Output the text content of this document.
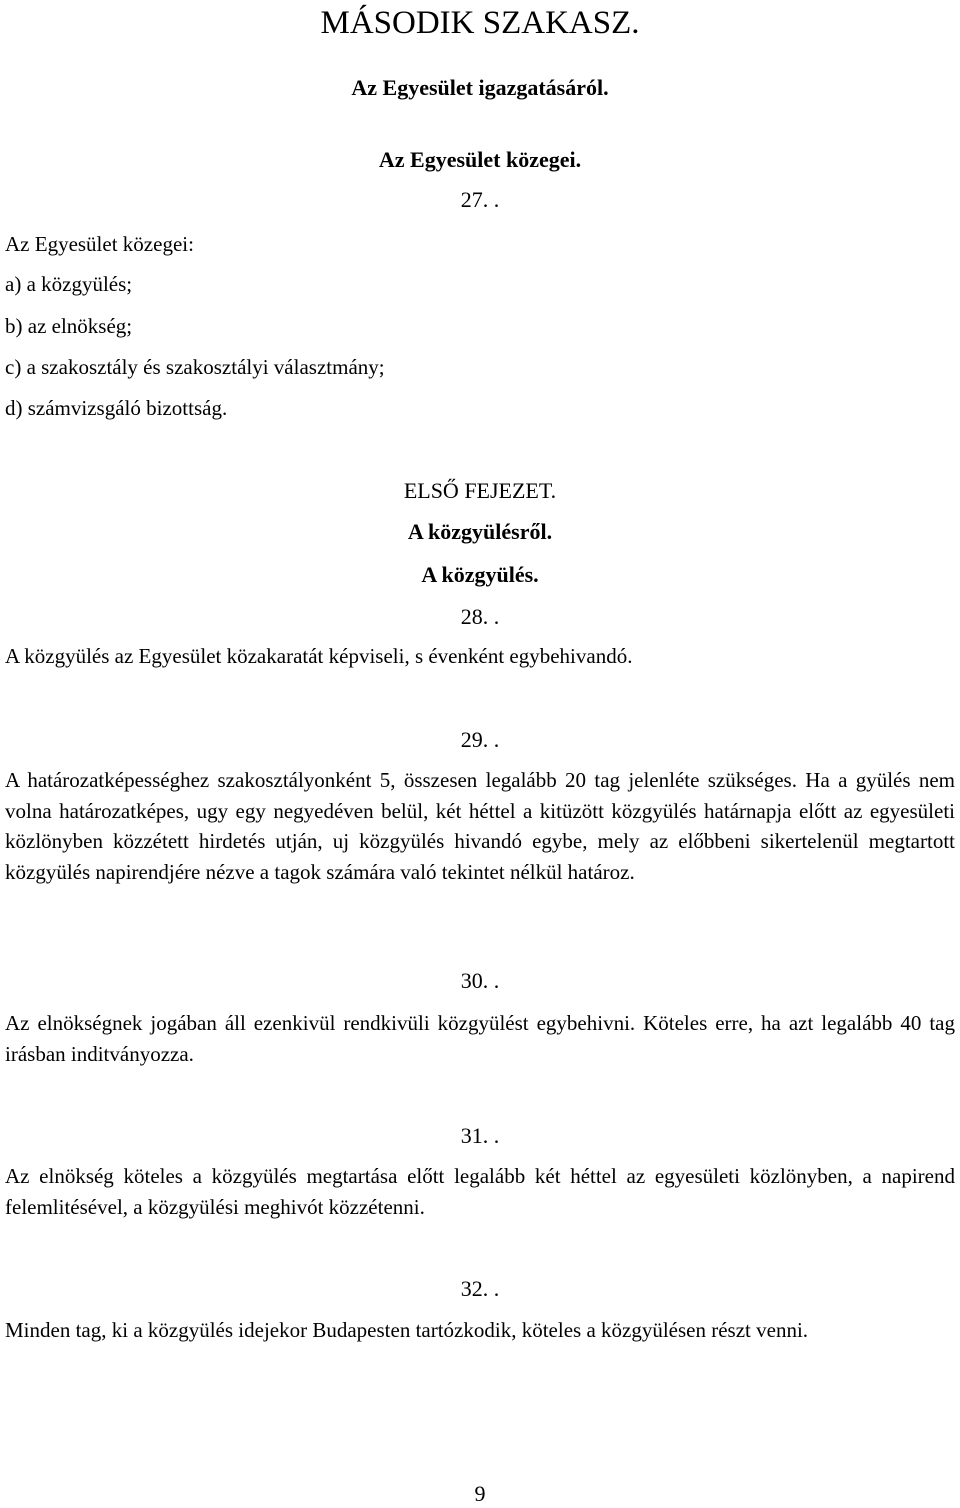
MÁSODIK SZAKASZ.
Az Egyesület igazgatásáról.
Az Egyesület közegei.
27. .
Az Egyesület közegei:
a) a közgyülés;
b) az elnökség;
c) a szakosztály és szakosztályi választmány;
d) számvizsgáló bizottság.
ELSŐ FEJEZET.
A közgyülésről.
A közgyülés.
28. .
A közgyülés az Egyesület közakaratát képviseli, s évenként egybehivandó.
29. .
A határozatképességhez szakosztályonként 5, összesen legalább 20 tag jelenléte szükséges. Ha a gyülés nem volna határozatképes, ugy egy negyedéven belül, két héttel a kitüzött közgyülés határnapja előtt az egyesületi közlönyben közzétett hirdetés utján, uj közgyülés hivandó egybe, mely az előbbeni sikertelenül megtartott közgyülés napirendjére nézve a tagok számára való tekintet nélkül határoz.
30. .
Az elnökségnek jogában áll ezenkivül rendkivüli közgyülést egybehivni. Köteles erre, ha azt legalább 40 tag irásban inditványozza.
31. .
Az elnökség köteles a közgyülés megtartása előtt legalább két héttel az egyesületi közlönyben, a napirend felemlitésével, a közgyülési meghivót közzétenni.
32. .
Minden tag, ki a közgyülés idejekor Budapesten tartózkodik, köteles a közgyülésen részt venni.
9
